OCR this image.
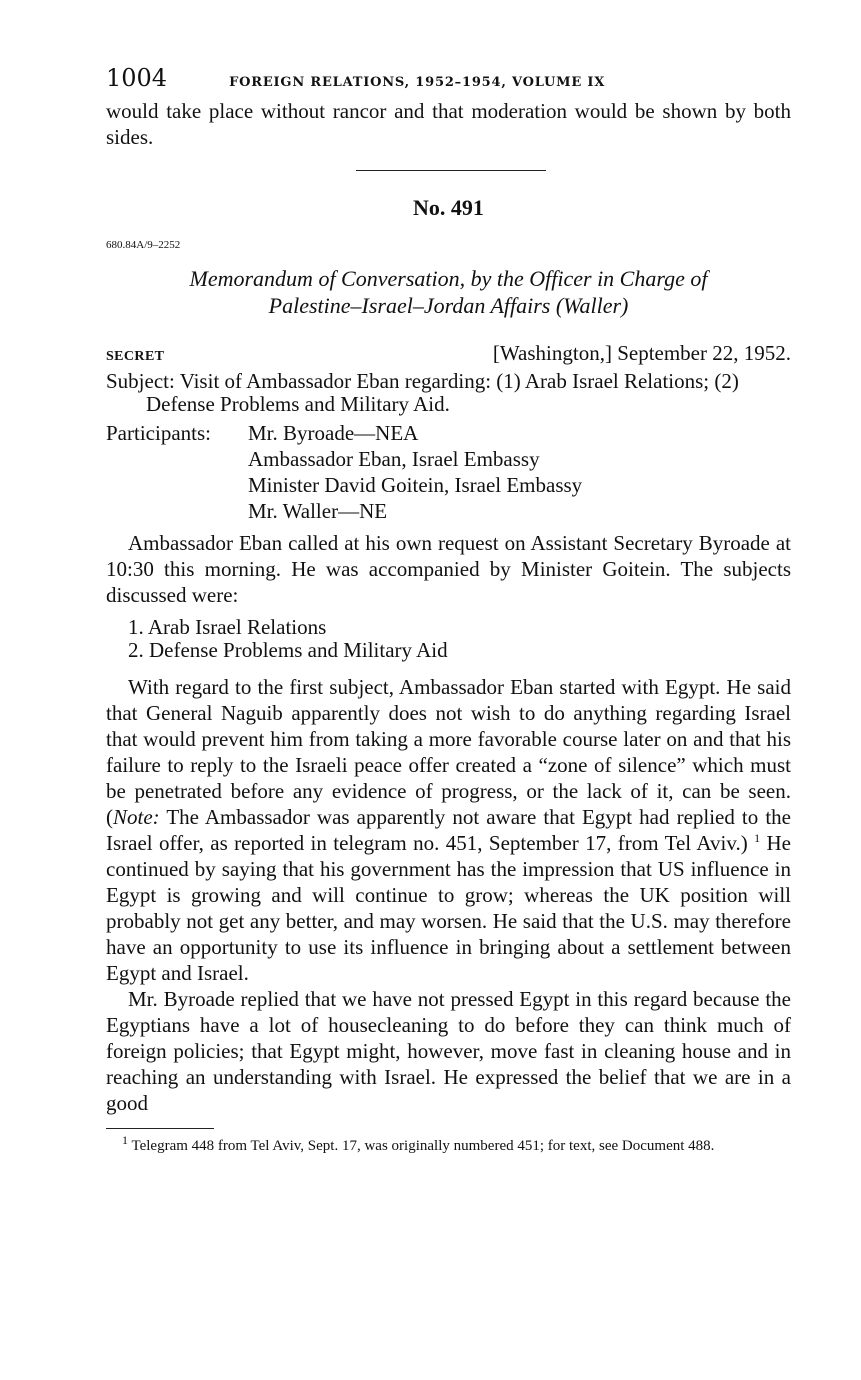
1004	FOREIGN RELATIONS, 1952–1954, VOLUME IX

would take place without rancor and that moderation would be shown by both sides.

No. 491
680.84A/9–2252
Memorandum of Conversation, by the Officer in Charge of Palestine–Israel–Jordan Affairs (Waller)
SECRET	[Washington,] September 22, 1952.
Subject: Visit of Ambassador Eban regarding: (1) Arab Israel Relations; (2) Defense Problems and Military Aid.
Participants:	Mr. Byroade—NEA
Ambassador Eban, Israel Embassy
Minister David Goitein, Israel Embassy
Mr. Waller—NE

Ambassador Eban called at his own request on Assistant Secretary Byroade at 10:30 this morning. He was accompanied by Minister Goitein. The subjects discussed were:

1. Arab Israel Relations
2. Defense Problems and Military Aid

With regard to the first subject, Ambassador Eban started with Egypt. He said that General Naguib apparently does not wish to do anything regarding Israel that would prevent him from taking a more favorable course later on and that his failure to reply to the Israeli peace offer created a “zone of silence” which must be penetrated before any evidence of progress, or the lack of it, can be seen. (Note: The Ambassador was apparently not aware that Egypt had replied to the Israel offer, as reported in telegram no. 451, September 17, from Tel Aviv.) $^1$ He continued by saying that his government has the impression that US influence in Egypt is growing and will continue to grow; whereas the UK position will probably not get any better, and may worsen. He said that the U.S. may therefore have an opportunity to use its influence in bringing about a settlement between Egypt and Israel.

Mr. Byroade replied that we have not pressed Egypt in this regard because the Egyptians have a lot of housecleaning to do before they can think much of foreign policies; that Egypt might, however, move fast in cleaning house and in reaching an understanding with Israel. He expressed the belief that we are in a good

$^1$ Telegram 448 from Tel Aviv, Sept. 17, was originally numbered 451; for text, see Document 488.
